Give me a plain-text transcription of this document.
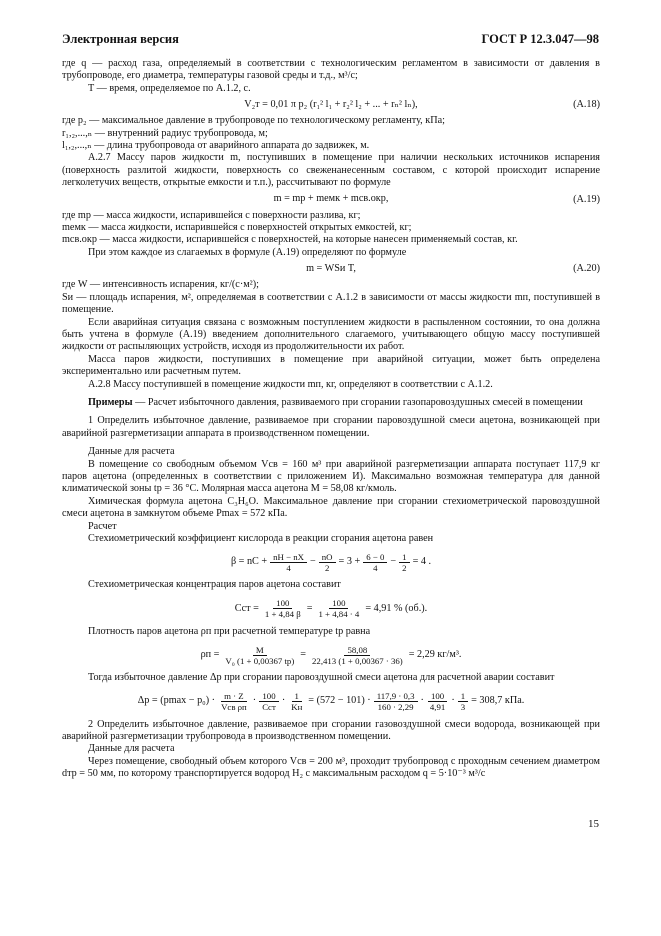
Электронная версия	ГОСТ Р 12.3.047—98
где q — расход газа, определяемый в соответствии с технологическим регламентом в зависимости от давления в трубопроводе, его диаметра, температуры газовой среды и т.д., м³/с;
T — время, определяемое по А.1.2, с.
V₂т = 0,01 π p₂ (r₁² l₁ + r₂² l₂ + ... + rₙ² lₙ),	(А.18)
где p₂ — максимальное давление в трубопроводе по технологическому регламенту, кПа;
r₁,₂,...,ₙ — внутренний радиус трубопровода, м;
l₁,₂,...,ₙ — длина трубопровода от аварийного аппарата до задвижек, м.

А.2.7 Массу паров жидкости m, поступивших в помещение при наличии нескольких источников испарения (поверхность разлитой жидкости, поверхность со свеженанесенным составом, с которой происходит испарение легколетучих веществ, открытые емкости и т.п.), рассчитывают по формуле

m = mр + mемк + mсв.окр,	(А.19)
где mр — масса жидкости, испарившейся с поверхности разлива, кг;
mемк — масса жидкости, испарившейся с поверхностей открытых емкостей, кг;
mсв.окр — масса жидкости, испарившейся с поверхностей, на которые нанесен применяемый состав, кг.

При этом каждое из слагаемых в формуле (А.19) определяют по формуле

m = WSи T,	(А.20)
где W — интенсивность испарения, кг/(с·м²);
Sи — площадь испарения, м², определяемая в соответствии с А.1.2 в зависимости от массы жидкости mп, поступившей в помещение.

Если аварийная ситуация связана с возможным поступлением жидкости в распыленном состоянии, то она должна быть учтена в формуле (А.19) введением дополнительного слагаемого, учитывающего общую массу поступившей жидкости от распыляющих устройств, исходя из продолжительности их работ.

Масса паров жидкости, поступивших в помещение при аварийной ситуации, может быть определена экспериментально или расчетным путем.

А.2.8 Массу поступившей в помещение жидкости mп, кг, определяют в соответствии с А.1.2.

Примеры — Расчет избыточного давления, развиваемого при сгорании газопаровоздушных смесей в помещении

1 Определить избыточное давление, развиваемое при сгорании паровоздушной смеси ацетона, возникающей при аварийной разгерметизации аппарата в производственном помещении.

Данные для расчета

В помещение со свободным объемом Vсв = 160 м³ при аварийной разгерметизации аппарата поступает 117,9 кг паров ацетона (определенных в соответствии с приложением И). Максимально возможная температура для данной климатической зоны tр = 36 °С. Молярная масса ацетона M = 58,08 кг/кмоль.

Химическая формула ацетона C₃H₆O. Максимальное давление при сгорании стехиометрической паровоздушной смеси ацетона в замкнутом объеме Pmax = 572 кПа.

Расчет
Стехиометрический коэффициент кислорода в реакции сгорания ацетона равен
β = nC + $\frac{nH - nX}{4} - \frac{nO}{2} = 3 + \frac{6 - 0}{4} - \frac{1}{2} = 4$ .
Стехиометрическая концентрация паров ацетона составит
Cст = $\frac{100}{1 + 4,84 \beta} = \frac{100}{1 + 4,84 \cdot 4} = 4,91$ % (об.).
Плотность паров ацетона ρп при расчетной температуре tр равна
$\rho п = \frac{M}{\text{V₀ (1 + 0,00367 tр)}} = \frac{58,08}{22,413 (1 + 0,00367 \cdot 36)} = 2,29$ кг/м³.

Тогда избыточное давление Δp при сгорании паровоздушной смеси ацетона для расчетной аварии составит

$\Delta p = (pmax - p_0) \cdot \frac{m \cdot Z}{\text{Vсв ρп}} \cdot \frac{100}{\text{Cст}} \cdot \frac{1}{Kн} = (572 - 101) \cdot \frac{117,9 \cdot 0,3}{160 \cdot 2,29} \cdot \frac{100}{4,91} \cdot \frac{1}{3} = 308,7$ кПа.

2 Определить избыточное давление, развиваемое при сгорании газовоздушной смеси водорода, возникающей при аварийной разгерметизации трубопровода в производственном помещении.

Данные для расчета

Через помещение, свободный объем которого Vсв = 200 м³, проходит трубопровод с проходным сечением диаметром dтр = 50 мм, по которому транспортируется водород H₂ с максимальным расходом q = 5·10⁻³ м³/с

15
